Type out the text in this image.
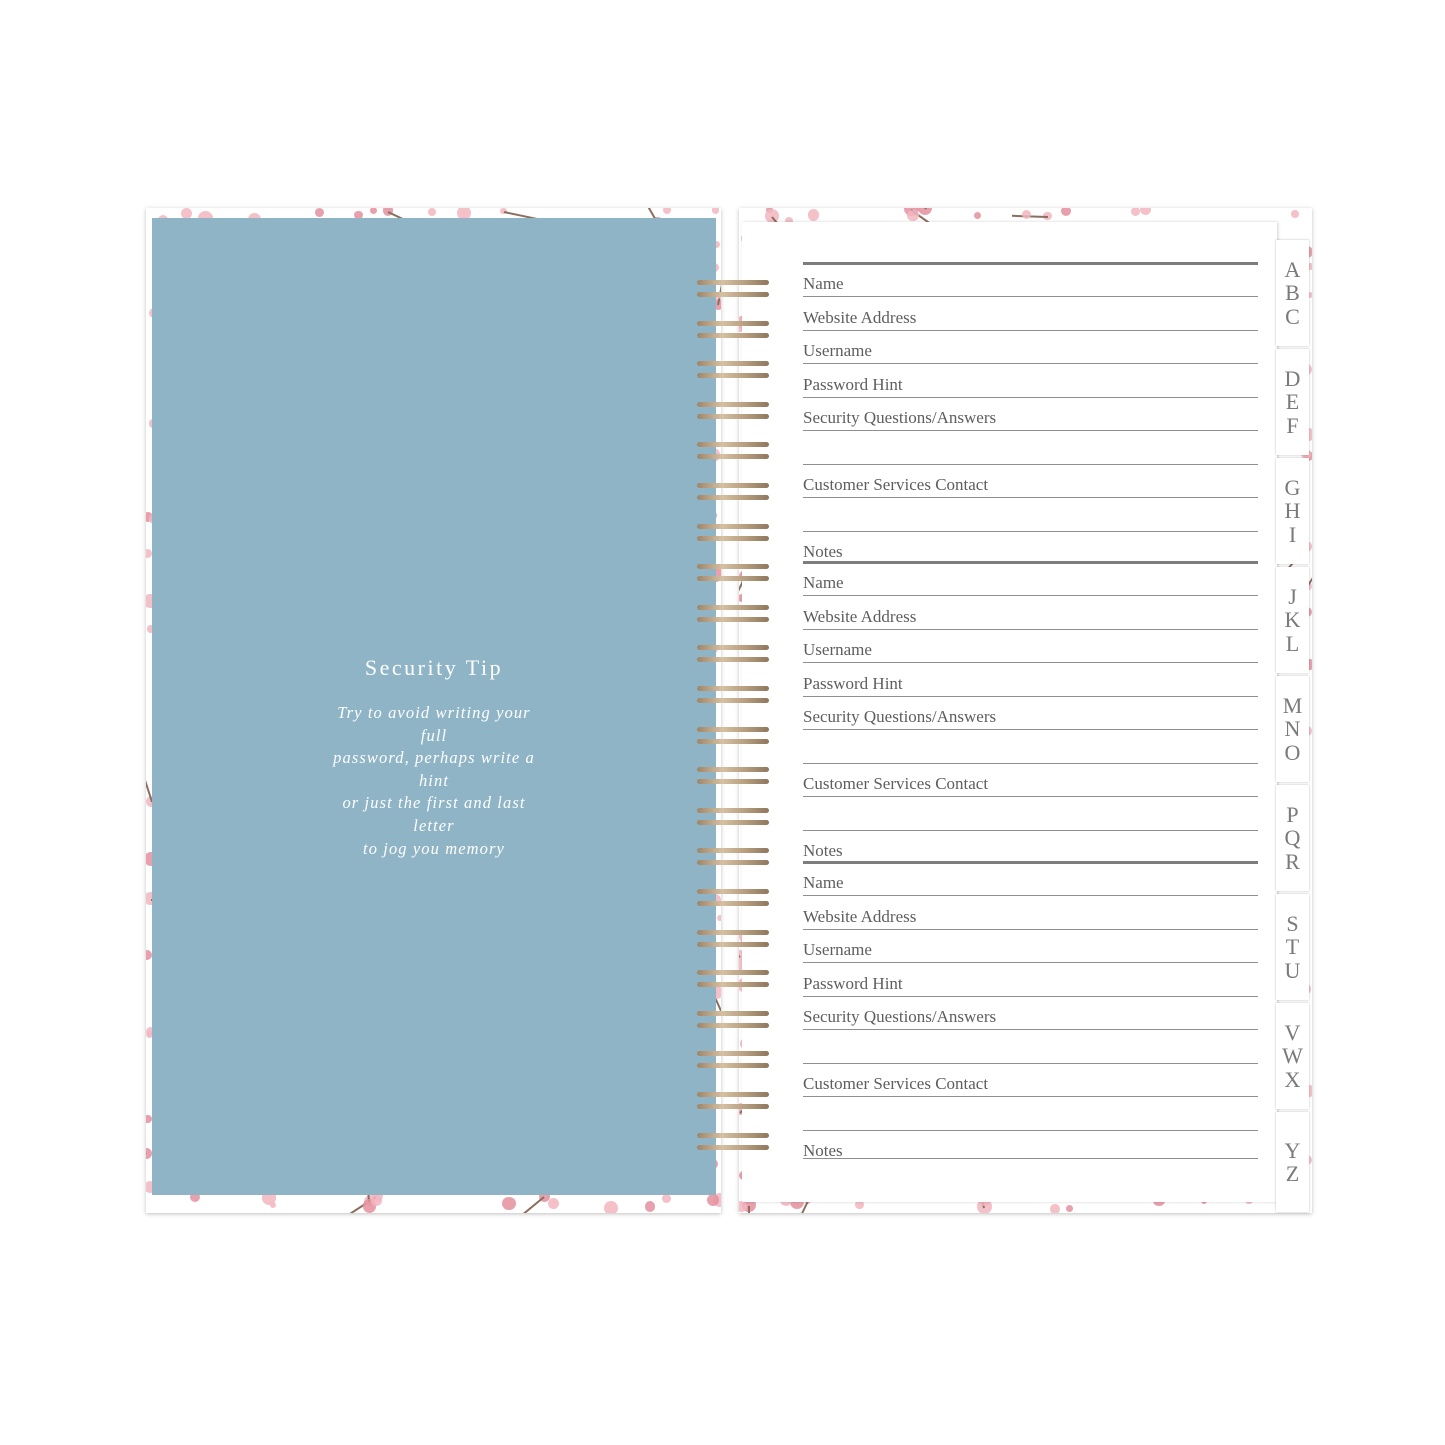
Security Tip
Try to avoid writing your full
password, perhaps write a hint
or just the first and last letter
to jog you memory
Name
Website Address
Username
Password Hint
Security Questions/Answers
Customer Services Contact
Notes
Name
Website Address
Username
Password Hint
Security Questions/Answers
Customer Services Contact
Notes
Name
Website Address
Username
Password Hint
Security Questions/Answers
Customer Services Contact
Notes
A
B
C
D
E
F
G
H
I
J
K
L
M
N
O
P
Q
R
S
T
U
V
W
X
Y
Z
